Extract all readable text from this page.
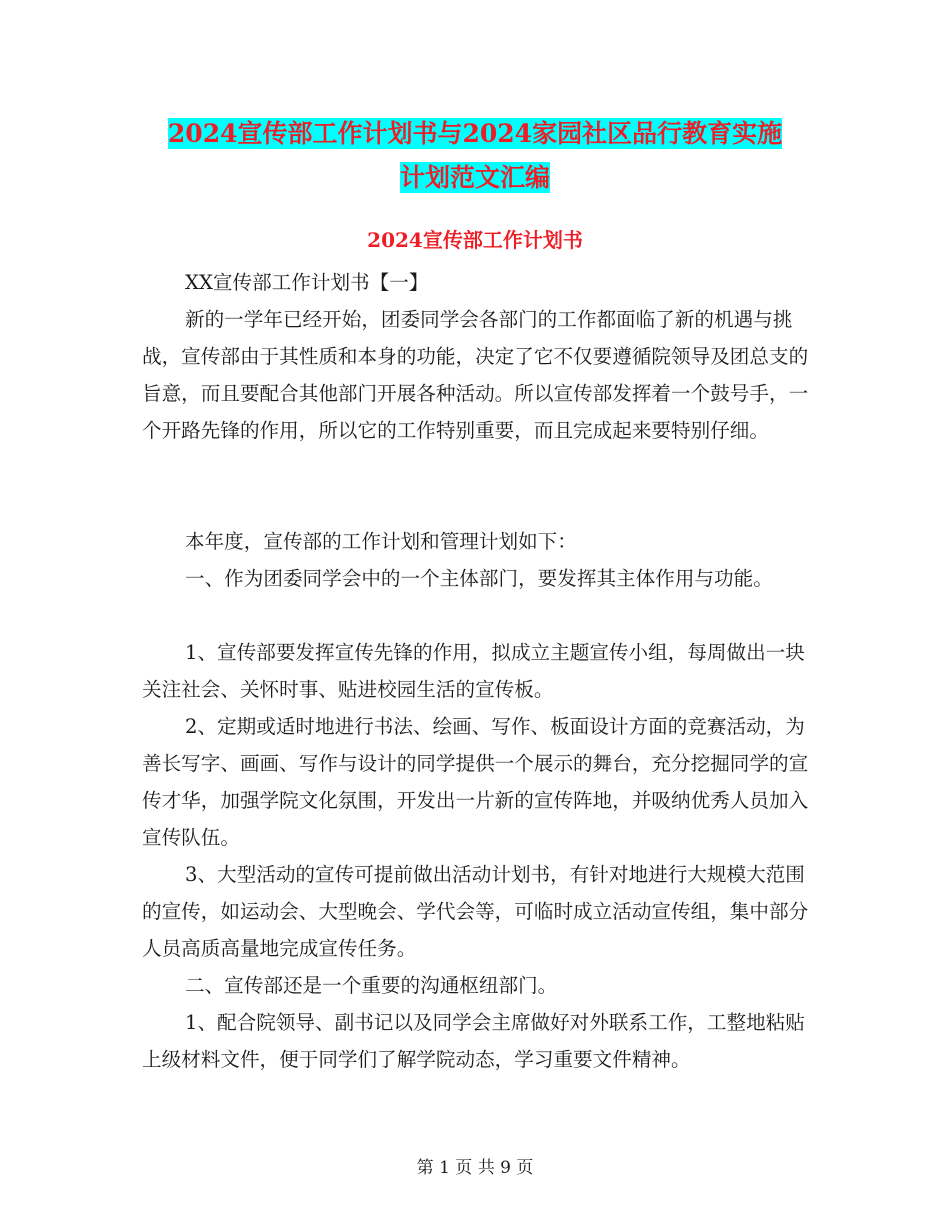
2024宣传部工作计划书与2024家园社区品行教育实施
计划范文汇编
2024宣传部工作计划书

XX宣传部工作计划书【一】

新的一学年已经开始，团委同学会各部门的工作都面临了新的机遇与挑战，宣传部由于其性质和本身的功能，决定了它不仅要遵循院领导及团总支的旨意，而且要配合其他部门开展各种活动。所以宣传部发挥着一个鼓号手，一个开路先锋的作用，所以它的工作特别重要，而且完成起来要特别仔细。

本年度，宣传部的工作计划和管理计划如下：

一、作为团委同学会中的一个主体部门，要发挥其主体作用与功能。

1、宣传部要发挥宣传先锋的作用，拟成立主题宣传小组，每周做出一块关注社会、关怀时事、贴进校园生活的宣传板。

2、定期或适时地进行书法、绘画、写作、板面设计方面的竞赛活动，为善长写字、画画、写作与设计的同学提供一个展示的舞台，充分挖掘同学的宣传才华，加强学院文化氛围，开发出一片新的宣传阵地，并吸纳优秀人员加入宣传队伍。

3、大型活动的宣传可提前做出活动计划书，有针对地进行大规模大范围的宣传，如运动会、大型晚会、学代会等，可临时成立活动宣传组，集中部分人员高质高量地完成宣传任务。

二、宣传部还是一个重要的沟通枢纽部门。

1、配合院领导、副书记以及同学会主席做好对外联系工作，工整地粘贴上级材料文件，便于同学们了解学院动态，学习重要文件精神。

第 1 页 共 9 页
